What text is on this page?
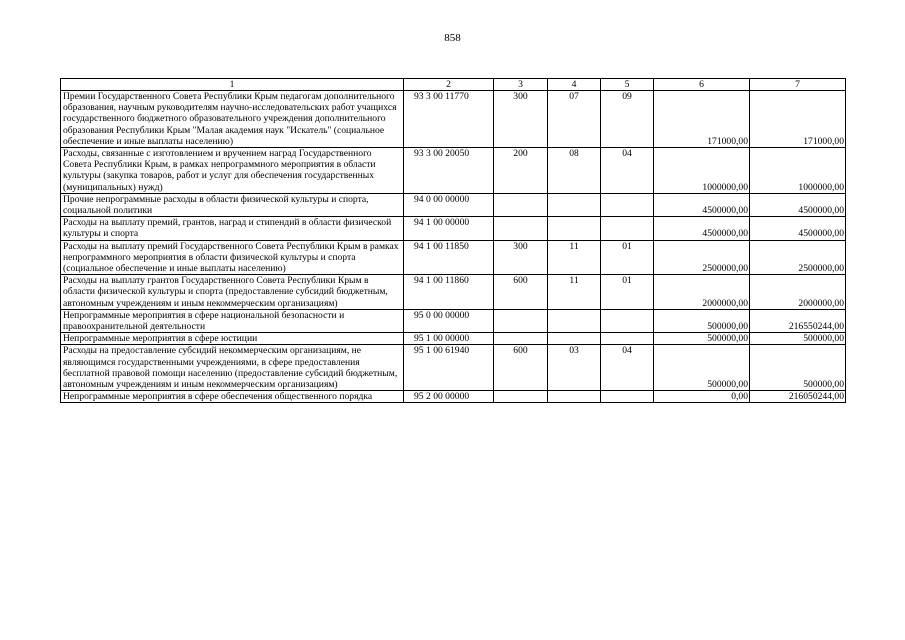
858
1	2	3	4	5	6	7
Премии Государственного Совета Республики Крым педагогам дополнительного образования, научным руководителям научно-исследовательских работ учащихся государственного бюджетного образовательного учреждения дополнительного образования Республики Крым "Малая академия наук "Искатель" (социальное обеспечение и иные выплаты населению)	93 3 00 11770	300	07	09	171000,00	171000,00
Расходы, связанные с изготовлением и вручением наград Государственного Совета Республики Крым, в рамках непрограммного мероприятия в области культуры (закупка товаров, работ и услуг для обеспечения государственных (муниципальных) нужд)	93 3 00 20050	200	08	04	1000000,00	1000000,00
Прочие непрограммные расходы в области физической культуры и спорта, социальной политики	94 0 00 00000				4500000,00	4500000,00
Расходы на выплату премий, грантов, наград и стипендий в области физической культуры и спорта	94 1 00 00000				4500000,00	4500000,00
Расходы на выплату премий Государственного Совета Республики Крым в рамках непрограммного мероприятия в области физической культуры и спорта (социальное обеспечение и иные выплаты населению)	94 1 00 11850	300	11	01	2500000,00	2500000,00
Расходы на выплату грантов Государственного Совета Республики Крым в области физической культуры и спорта (предоставление субсидий бюджетным, автономным учреждениям и иным некоммерческим организациям)	94 1 00 11860	600	11	01	2000000,00	2000000,00
Непрограммные мероприятия в сфере национальной безопасности и правоохранительной деятельности	95 0 00 00000				500000,00	216550244,00
Непрограммные мероприятия в сфере юстиции	95 1 00 00000				500000,00	500000,00
Расходы на предоставление субсидий некоммерческим организациям, не являющимся государственными учреждениями, в сфере предоставления бесплатной правовой помощи населению (предоставление субсидий бюджетным, автономным учреждениям и иным некоммерческим организациям)	95 1 00 61940	600	03	04	500000,00	500000,00
Непрограммные мероприятия в сфере обеспечения общественного порядка	95 2 00 00000				0,00	216050244,00
